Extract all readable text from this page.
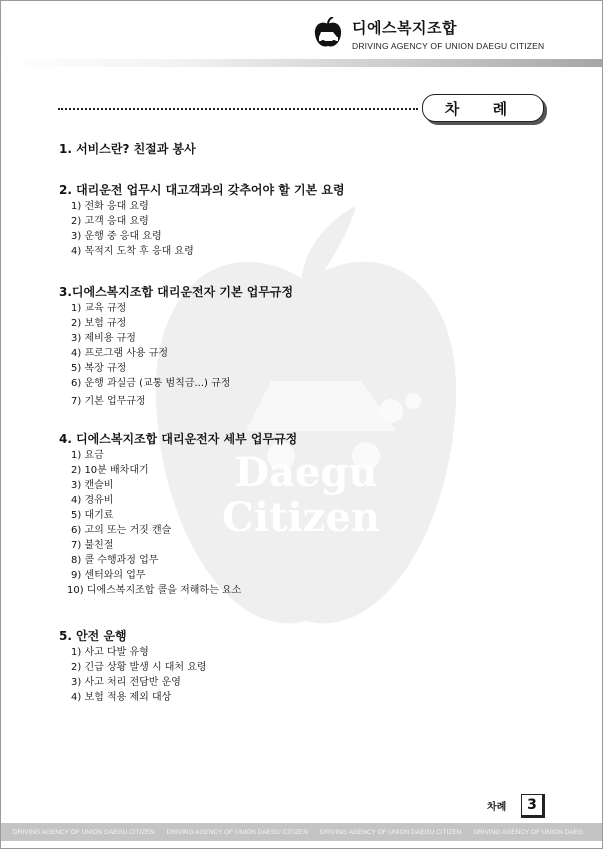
디에스복지조합
DRIVING AGENCY OF UNION DAEGU CITIZEN
Daegu
Citizen
차 례
1. 서비스란? 친절과 봉사
2. 대리운전 업무시 대고객과의 갖추어야 할 기본 요령
1) 전화 응대 요령
2) 고객 응대 요령
3) 운행 중 응대 요령
4) 목적지 도착 후 응대 요령
3.디에스복지조합 대리운전자 기본 업무규정
1) 교육 규정
2) 보험 규정
3) 제비용 규정
4) 프로그램 사용 규정
5) 복장 규정
6) 운행 과실금 (교통 범칙금...) 규정
7) 기본 업무규정
4. 디에스복지조합 대리운전자 세부 업무규정
1) 요금
2) 10분 배차대기
3) 캔슬비
4) 경유비
5) 대기료
6) 고의 또는 거짓 캔슬
7) 불친절
8) 콜 수행과정 업무
9) 센터와의 업무
10) 디에스복지조합 콜을 저해하는 요소
5. 안전 운행
1) 사고 다발 유형
2) 긴급 상황 발생 시 대처 요령
3) 사고 처리 전담반 운영
4) 보험 적용 제외 대상
차례	3
DRIVING AGENCY OF UNION DAEGU CITIZEN DRIVING AGENCY OF UNION DAEGU CITIZEN DRIVING AGENCY OF UNION DAEGU CITIZEN DRIVING AGENCY OF UNION DAEG
